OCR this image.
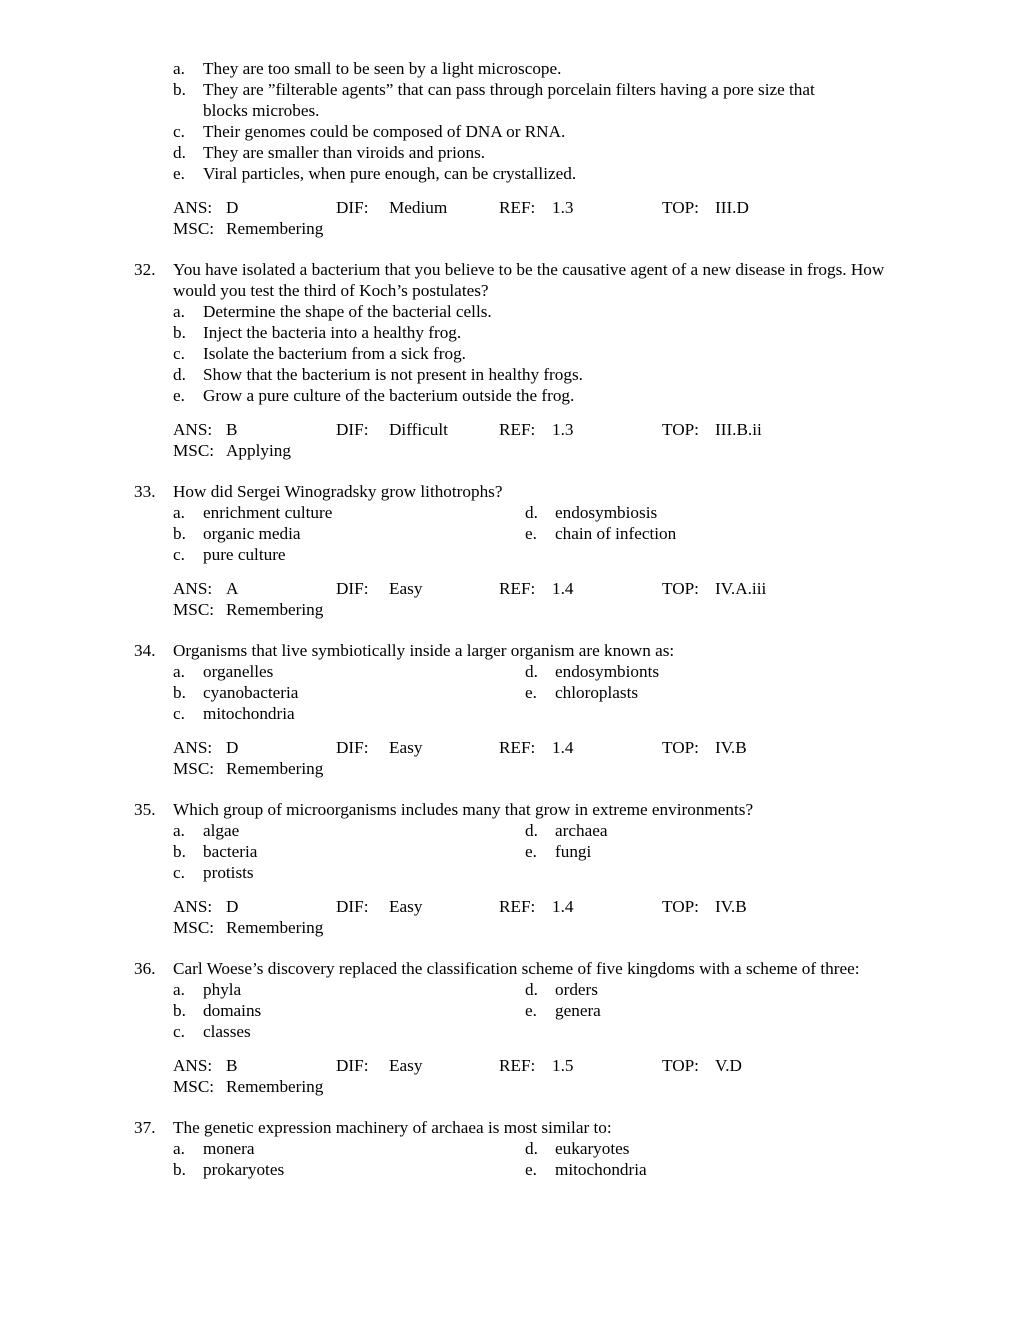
a. They are too small to be seen by a light microscope.
b. They are ”filterable agents” that can pass through porcelain filters having a pore size that blocks microbes.
c. Their genomes could be composed of DNA or RNA.
d. They are smaller than viroids and prions.
e. Viral particles, when pure enough, can be crystallized.
ANS: D	DIF: Medium	REF: 1.3	TOP: III.D
MSC: Remembering
32. You have isolated a bacterium that you believe to be the causative agent of a new disease in frogs. How would you test the third of Koch’s postulates?
a. Determine the shape of the bacterial cells.
b. Inject the bacteria into a healthy frog.
c. Isolate the bacterium from a sick frog.
d. Show that the bacterium is not present in healthy frogs.
e. Grow a pure culture of the bacterium outside the frog.
ANS: B	DIF: Difficult	REF: 1.3	TOP: III.B.ii
MSC: Applying
33. How did Sergei Winogradsky grow lithotrophs?
a. enrichment culture
b. organic media
c. pure culture
d. endosymbiosis
e. chain of infection
ANS: A	DIF: Easy	REF: 1.4	TOP: IV.A.iii
MSC: Remembering
34. Organisms that live symbiotically inside a larger organism are known as:
a. organelles
b. cyanobacteria
c. mitochondria
d. endosymbionts
e. chloroplasts
ANS: D	DIF: Easy	REF: 1.4	TOP: IV.B
MSC: Remembering
35. Which group of microorganisms includes many that grow in extreme environments?
a. algae
b. bacteria
c. protists
d. archaea
e. fungi
ANS: D	DIF: Easy	REF: 1.4	TOP: IV.B
MSC: Remembering
36. Carl Woese’s discovery replaced the classification scheme of five kingdoms with a scheme of three:
a. phyla
b. domains
c. classes
d. orders
e. genera
ANS: B	DIF: Easy	REF: 1.5	TOP: V.D
MSC: Remembering
37. The genetic expression machinery of archaea is most similar to:
a. monera
b. prokaryotes
d. eukaryotes
e. mitochondria
